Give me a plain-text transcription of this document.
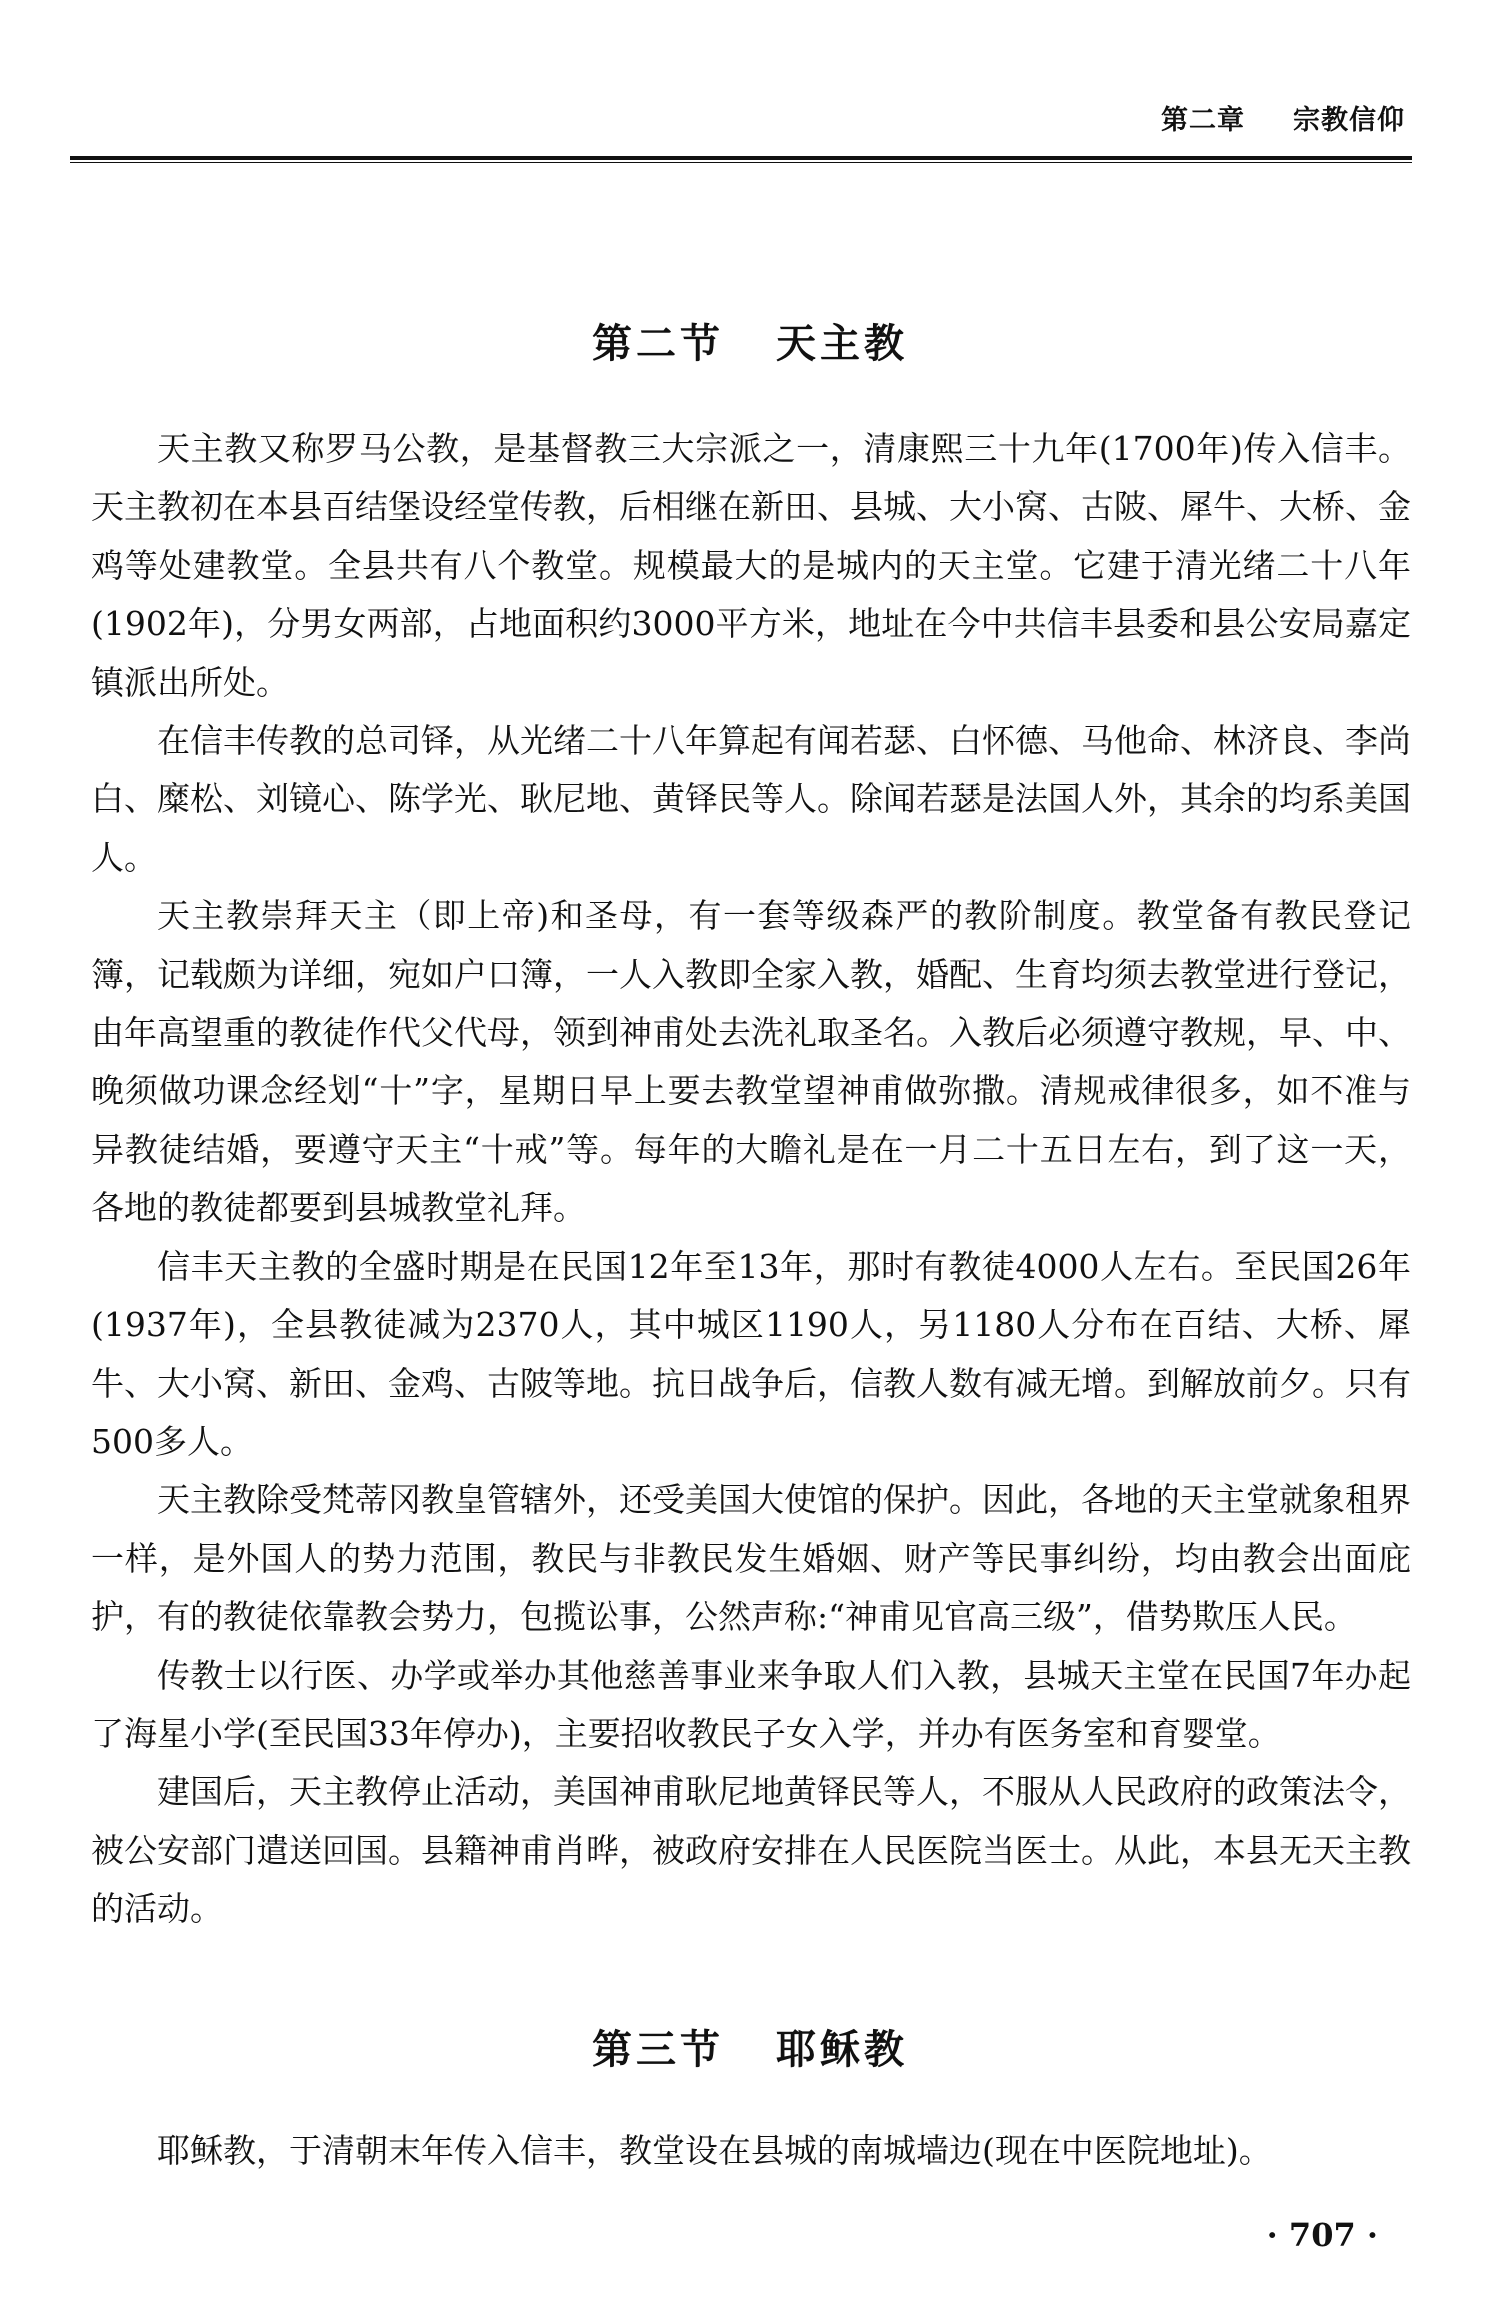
第二章 宗教信仰
第二节 天主教

天主教又称罗马公教，是基督教三大宗派之一，清康熙三十九年(1700年)传入信丰。天主教初在本县百结堡设经堂传教，后相继在新田、县城、大小窝、古陂、犀牛、大桥、金鸡等处建教堂。全县共有八个教堂。规模最大的是城内的天主堂。它建于清光绪二十八年(1902年)，分男女两部，占地面积约3000平方米，地址在今中共信丰县委和县公安局嘉定镇派出所处。

在信丰传教的总司铎，从光绪二十八年算起有闻若瑟、白怀德、马他命、林济良、李尚白、糜松、刘镜心、陈学光、耿尼地、黄铎民等人。除闻若瑟是法国人外，其余的均系美国人。

天主教崇拜天主（即上帝)和圣母，有一套等级森严的教阶制度。教堂备有教民登记簿，记载颇为详细，宛如户口簿，一人入教即全家入教，婚配、生育均须去教堂进行登记，由年高望重的教徒作代父代母，领到神甫处去洗礼取圣名。入教后必须遵守教规，早、中、晚须做功课念经划“十”字，星期日早上要去教堂望神甫做弥撒。清规戒律很多，如不准与异教徒结婚，要遵守天主“十戒”等。每年的大瞻礼是在一月二十五日左右，到了这一天，各地的教徒都要到县城教堂礼拜。

信丰天主教的全盛时期是在民国12年至13年，那时有教徒4000人左右。至民国26年(1937年)，全县教徒减为2370人，其中城区1190人，另1180人分布在百结、大桥、犀牛、大小窝、新田、金鸡、古陂等地。抗日战争后，信教人数有减无增。到解放前夕。只有500多人。

天主教除受梵蒂冈教皇管辖外，还受美国大使馆的保护。因此，各地的天主堂就象租界一样，是外国人的势力范围，教民与非教民发生婚姻、财产等民事纠纷，均由教会出面庇护，有的教徒依靠教会势力，包揽讼事，公然声称:“神甫见官高三级”，借势欺压人民。

传教士以行医、办学或举办其他慈善事业来争取人们入教，县城天主堂在民国7年办起了海星小学(至民国33年停办)，主要招收教民子女入学，并办有医务室和育婴堂。

建国后，天主教停止活动，美国神甫耿尼地黄铎民等人，不服从人民政府的政策法令，被公安部门遣送回国。县籍神甫肖晔，被政府安排在人民医院当医士。从此，本县无天主教的活动。

第三节 耶稣教

耶稣教，于清朝末年传入信丰，教堂设在县城的南城墙边(现在中医院地址)。

· 707 ·
